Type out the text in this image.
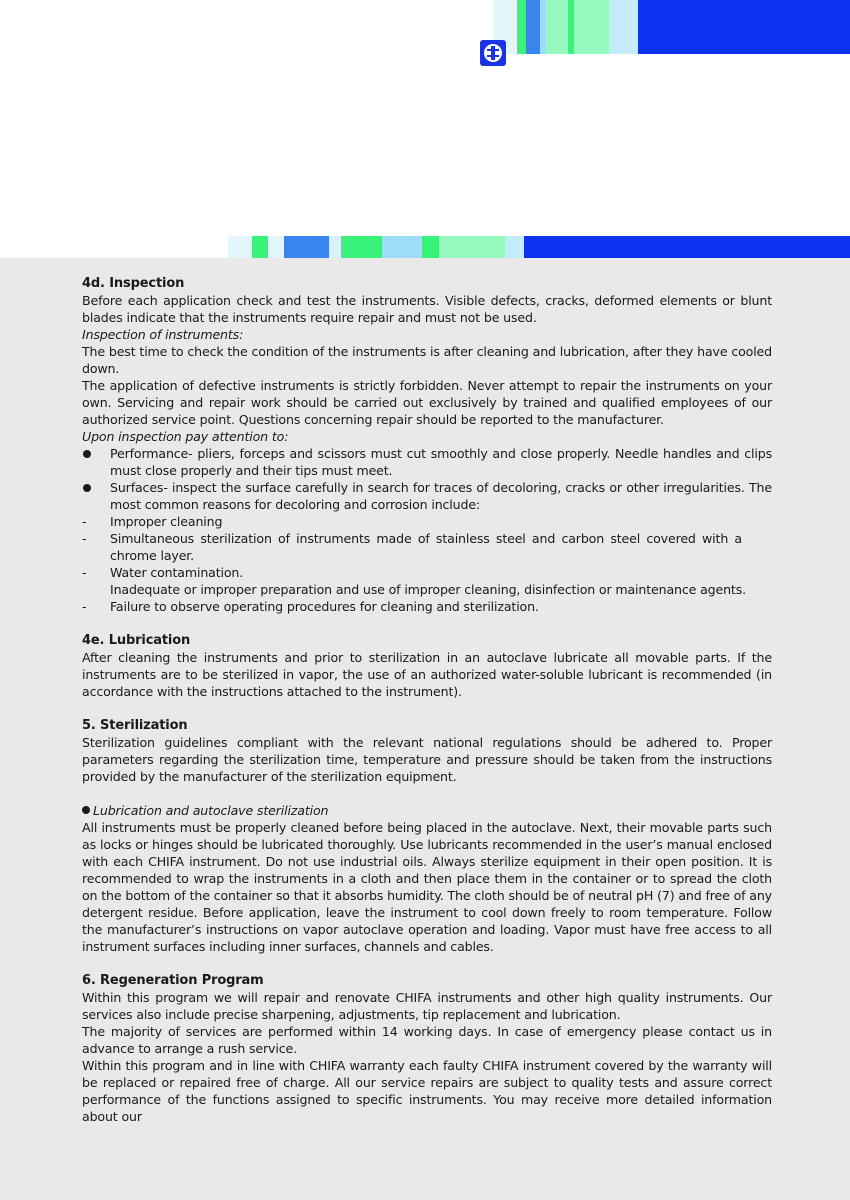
4d. Inspection

Before each application check and test the instruments. Visible defects, cracks, deformed elements or blunt blades indicate that the instruments require repair and must not be used.

Inspection of instruments:

The best time to check the condition of the instruments is after cleaning and lubrication, after they have cooled down.

The application of defective instruments is strictly forbidden. Never attempt to repair the instruments on your own. Servicing and repair work should be carried out exclusively by trained and qualified employees of our authorized service point. Questions concerning repair should be reported to the manufacturer.

Upon inspection pay attention to:

Performance- pliers, forceps and scissors must cut smoothly and close properly. Needle handles and clips must close properly and their tips must meet.

Surfaces- inspect the surface carefully in search for traces of decoloring, cracks or other irregularities. The most common reasons for decoloring and corrosion include:

- Improper cleaning

- Simultaneous sterilization of instruments made of stainless steel and carbon steel covered with a chrome layer.

- Water contamination.

Inadequate or improper preparation and use of improper cleaning, disinfection or maintenance agents.

- Failure to observe operating procedures for cleaning and sterilization.

4e. Lubrication

After cleaning the instruments and prior to sterilization in an autoclave lubricate all movable parts. If the instruments are to be sterilized in vapor, the use of an authorized water-soluble lubricant is recommended (in accordance with the instructions attached to the instrument).

5. Sterilization

Sterilization guidelines compliant with the relevant national regulations should be adhered to. Proper parameters regarding the sterilization time, temperature and pressure should be taken from the instructions provided by the manufacturer of the sterilization equipment.

Lubrication and autoclave sterilization

All instruments must be properly cleaned before being placed in the autoclave. Next, their movable parts such as locks or hinges should be lubricated thoroughly. Use lubricants recommended in the user’s manual enclosed with each CHIFA instrument. Do not use industrial oils. Always sterilize equipment in their open position. It is recommended to wrap the instruments in a cloth and then place them in the container or to spread the cloth on the bottom of the container so that it absorbs humidity. The cloth should be of neutral pH (7) and free of any detergent residue. Before application, leave the instrument to cool down freely to room temperature. Follow the manufacturer’s instructions on vapor autoclave operation and loading. Vapor must have free access to all instrument surfaces including inner surfaces, channels and cables.

6. Regeneration Program

Within this program we will repair and renovate CHIFA instruments and other high quality instruments. Our services also include precise sharpening, adjustments, tip replacement and lubrication.

The majority of services are performed within 14 working days. In case of emergency please contact us in advance to arrange a rush service.

Within this program and in line with CHIFA warranty each faulty CHIFA instrument covered by the warranty will be replaced or repaired free of charge. All our service repairs are subject to quality tests and assure correct performance of the functions assigned to specific instruments. You may receive more detailed information about our
